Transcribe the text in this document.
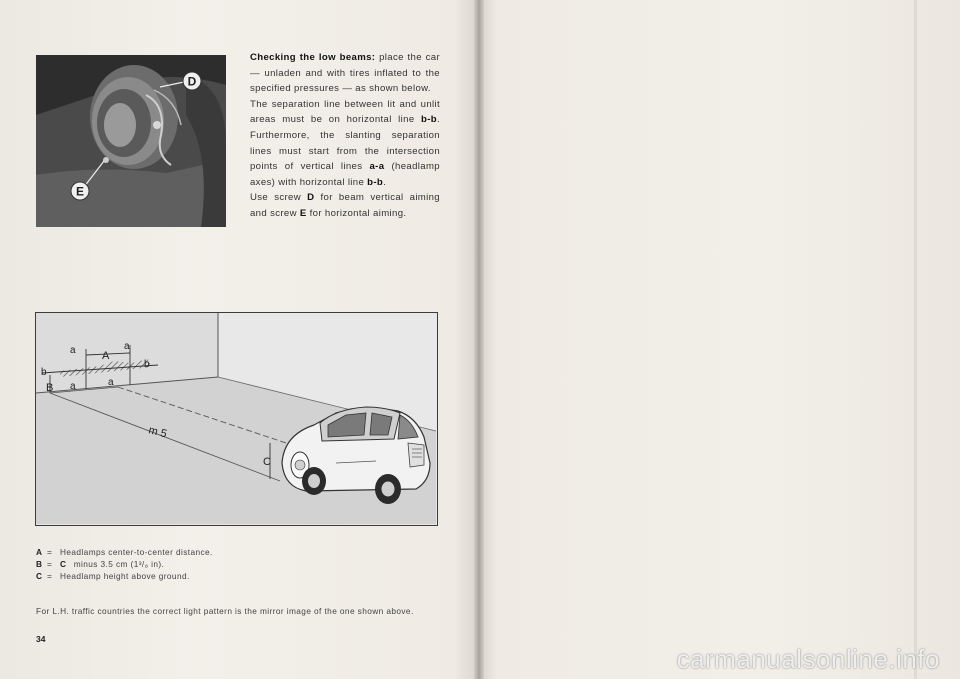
D
E
Checking the low beams: place the car — unladen and with tires inflated to the specified pressures — as shown below.
The separation line between lit and unlit areas must be on horizontal line b-b. Furthermore, the slanting separation lines must start from the intersection points of vertical lines a-a (headlamp axes) with horizontal line b-b.
Use screw D for beam vertical aiming and screw E for horizontal aiming.
a A
a
b
b
B a	a
m 5
C
A = Headlamps center-to-center distance.
B = C minus 3.5 cm (1³/₈ in).
C = Headlamp height above ground.
For L.H. traffic countries the correct light pattern is the mirror image of the one shown above.
34
carmanualsonline.info
